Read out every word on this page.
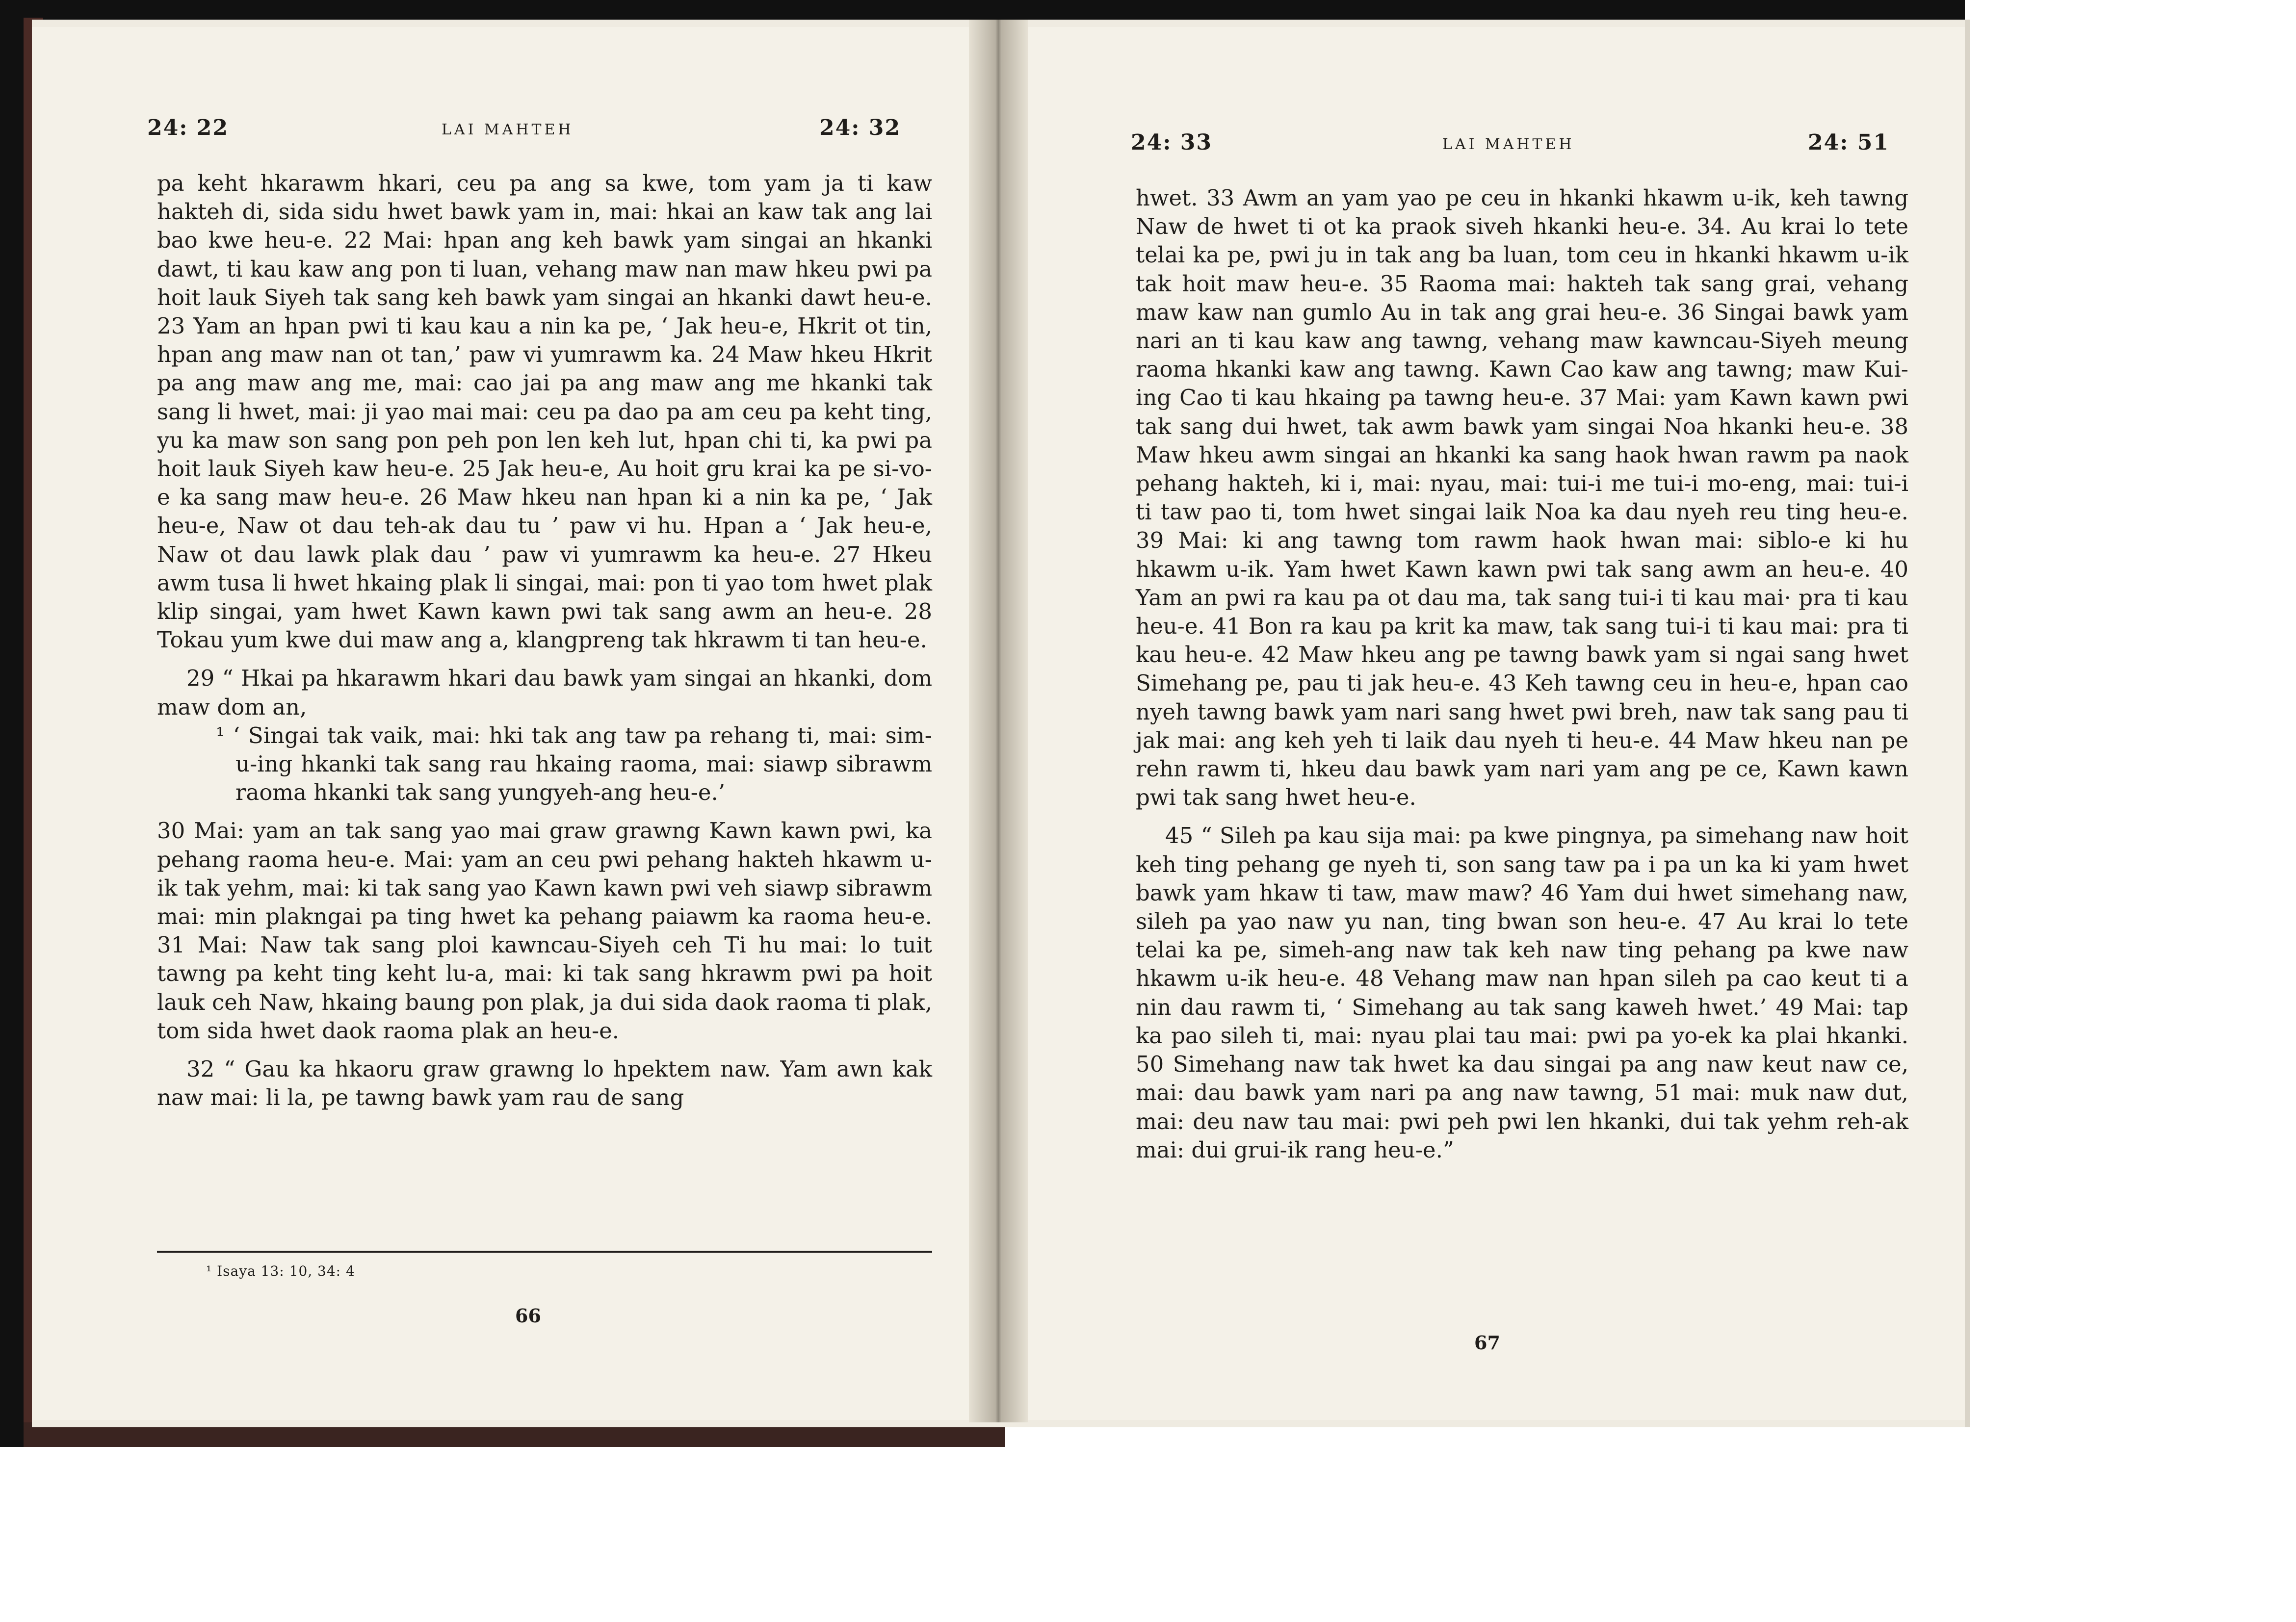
24: 22	LAI MAHTEH	24: 32

pa keht hkarawm hkari, ceu pa ang sa kwe, tom yam ja ti kaw hakteh di, sida sidu hwet bawk yam in, mai: hkai an kaw tak ang lai bao kwe heu-e. 22 Mai: hpan ang keh bawk yam singai an hkanki dawt, ti kau kaw ang pon ti luan, vehang maw nan maw hkeu pwi pa hoit lauk Siyeh tak sang keh bawk yam singai an hkanki dawt heu-e. 23 Yam an hpan pwi ti kau kau a nin ka pe, ‘ Jak heu-e, Hkrit ot tin, hpan ang maw nan ot tan,’ paw vi yumrawm ka. 24 Maw hkeu Hkrit pa ang maw ang me, mai: cao jai pa ang maw ang me hkanki tak sang li hwet, mai: ji yao mai mai: ceu pa dao pa am ceu pa keht ting, yu ka maw son sang pon peh pon len keh lut, hpan chi ti, ka pwi pa hoit lauk Siyeh kaw heu-e. 25 Jak heu-e, Au hoit gru krai ka pe si-vo-e ka sang maw heu-e. 26 Maw hkeu nan hpan ki a nin ka pe, ‘ Jak heu-e, Naw ot dau teh-ak dau tu ’ paw vi hu. Hpan a ‘ Jak heu-e, Naw ot dau lawk plak dau ’ paw vi yumrawm ka heu-e. 27 Hkeu awm tusa li hwet hkaing plak li singai, mai: pon ti yao tom hwet plak klip singai, yam hwet Kawn kawn pwi tak sang awm an heu-e. 28 Tokau yum kwe dui maw ang a, klangpreng tak hkrawm ti tan heu-e.

29 “ Hkai pa hkarawm hkari dau bawk yam singai an hkanki, dom maw dom an,

¹ ‘ Singai tak vaik, mai: hki tak ang taw pa rehang ti, mai: sim-u-ing hkanki tak sang rau hkaing raoma, mai: siawp sibrawm raoma hkanki tak sang yungyeh-ang heu-e.’

30 Mai: yam an tak sang yao mai graw grawng Kawn kawn pwi, ka pehang raoma heu-e. Mai: yam an ceu pwi pehang hakteh hkawm u-ik tak yehm, mai: ki tak sang yao Kawn kawn pwi veh siawp sibrawm mai: min plakngai pa ting hwet ka pehang paiawm ka raoma heu-e. 31 Mai: Naw tak sang ploi kawncau-Siyeh ceh Ti hu mai: lo tuit tawng pa keht ting keht lu-a, mai: ki tak sang hkrawm pwi pa hoit lauk ceh Naw, hkaing baung pon plak, ja dui sida daok raoma ti plak, tom sida hwet daok raoma plak an heu-e.

32 “ Gau ka hkaoru graw grawng lo hpektem naw. Yam awn kak naw mai: li la, pe tawng bawk yam rau de sang

¹ Isaya 13: 10, 34: 4
66
24: 33	LAI MAHTEH	24: 51

hwet. 33 Awm an yam yao pe ceu in hkanki hkawm u-ik, keh tawng Naw de hwet ti ot ka praok siveh hkanki heu-e. 34. Au krai lo tete telai ka pe, pwi ju in tak ang ba luan, tom ceu in hkanki hkawm u-ik tak hoit maw heu-e. 35 Raoma mai: hakteh tak sang grai, vehang maw kaw nan gumlo Au in tak ang grai heu-e. 36 Singai bawk yam nari an ti kau kaw ang tawng, vehang maw kawncau-Siyeh meung raoma hkanki kaw ang tawng. Kawn Cao kaw ang tawng; maw Kui-ing Cao ti kau hkaing pa tawng heu-e. 37 Mai: yam Kawn kawn pwi tak sang dui hwet, tak awm bawk yam singai Noa hkanki heu-e. 38 Maw hkeu awm singai an hkanki ka sang haok hwan rawm pa naok pehang hakteh, ki i, mai: nyau, mai: tui-i me tui-i mo-eng, mai: tui-i ti taw pao ti, tom hwet singai laik Noa ka dau nyeh reu ting heu-e. 39 Mai: ki ang tawng tom rawm haok hwan mai: siblo-e ki hu hkawm u-ik. Yam hwet Kawn kawn pwi tak sang awm an heu-e. 40 Yam an pwi ra kau pa ot dau ma, tak sang tui-i ti kau mai· pra ti kau heu-e. 41 Bon ra kau pa krit ka maw, tak sang tui-i ti kau mai: pra ti kau heu-e. 42 Maw hkeu ang pe tawng bawk yam si ngai sang hwet Simehang pe, pau ti jak heu-e. 43 Keh tawng ceu in heu-e, hpan cao nyeh tawng bawk yam nari sang hwet pwi breh, naw tak sang pau ti jak mai: ang keh yeh ti laik dau nyeh ti heu-e. 44 Maw hkeu nan pe rehn rawm ti, hkeu dau bawk yam nari yam ang pe ce, Kawn kawn pwi tak sang hwet heu-e.

45 “ Sileh pa kau sija mai: pa kwe pingnya, pa simehang naw hoit keh ting pehang ge nyeh ti, son sang taw pa i pa un ka ki yam hwet bawk yam hkaw ti taw, maw maw? 46 Yam dui hwet simehang naw, sileh pa yao naw yu nan, ting bwan son heu-e. 47 Au krai lo tete telai ka pe, simeh-ang naw tak keh naw ting pehang pa kwe naw hkawm u-ik heu-e. 48 Vehang maw nan hpan sileh pa cao keut ti a nin dau rawm ti, ‘ Simehang au tak sang kaweh hwet.’ 49 Mai: tap ka pao sileh ti, mai: nyau plai tau mai: pwi pa yo-ek ka plai hkanki. 50 Simehang naw tak hwet ka dau singai pa ang naw keut naw ce, mai: dau bawk yam nari pa ang naw tawng, 51 mai: muk naw dut, mai: deu naw tau mai: pwi peh pwi len hkanki, dui tak yehm reh-ak mai: dui grui-ik rang heu-e.”

67
